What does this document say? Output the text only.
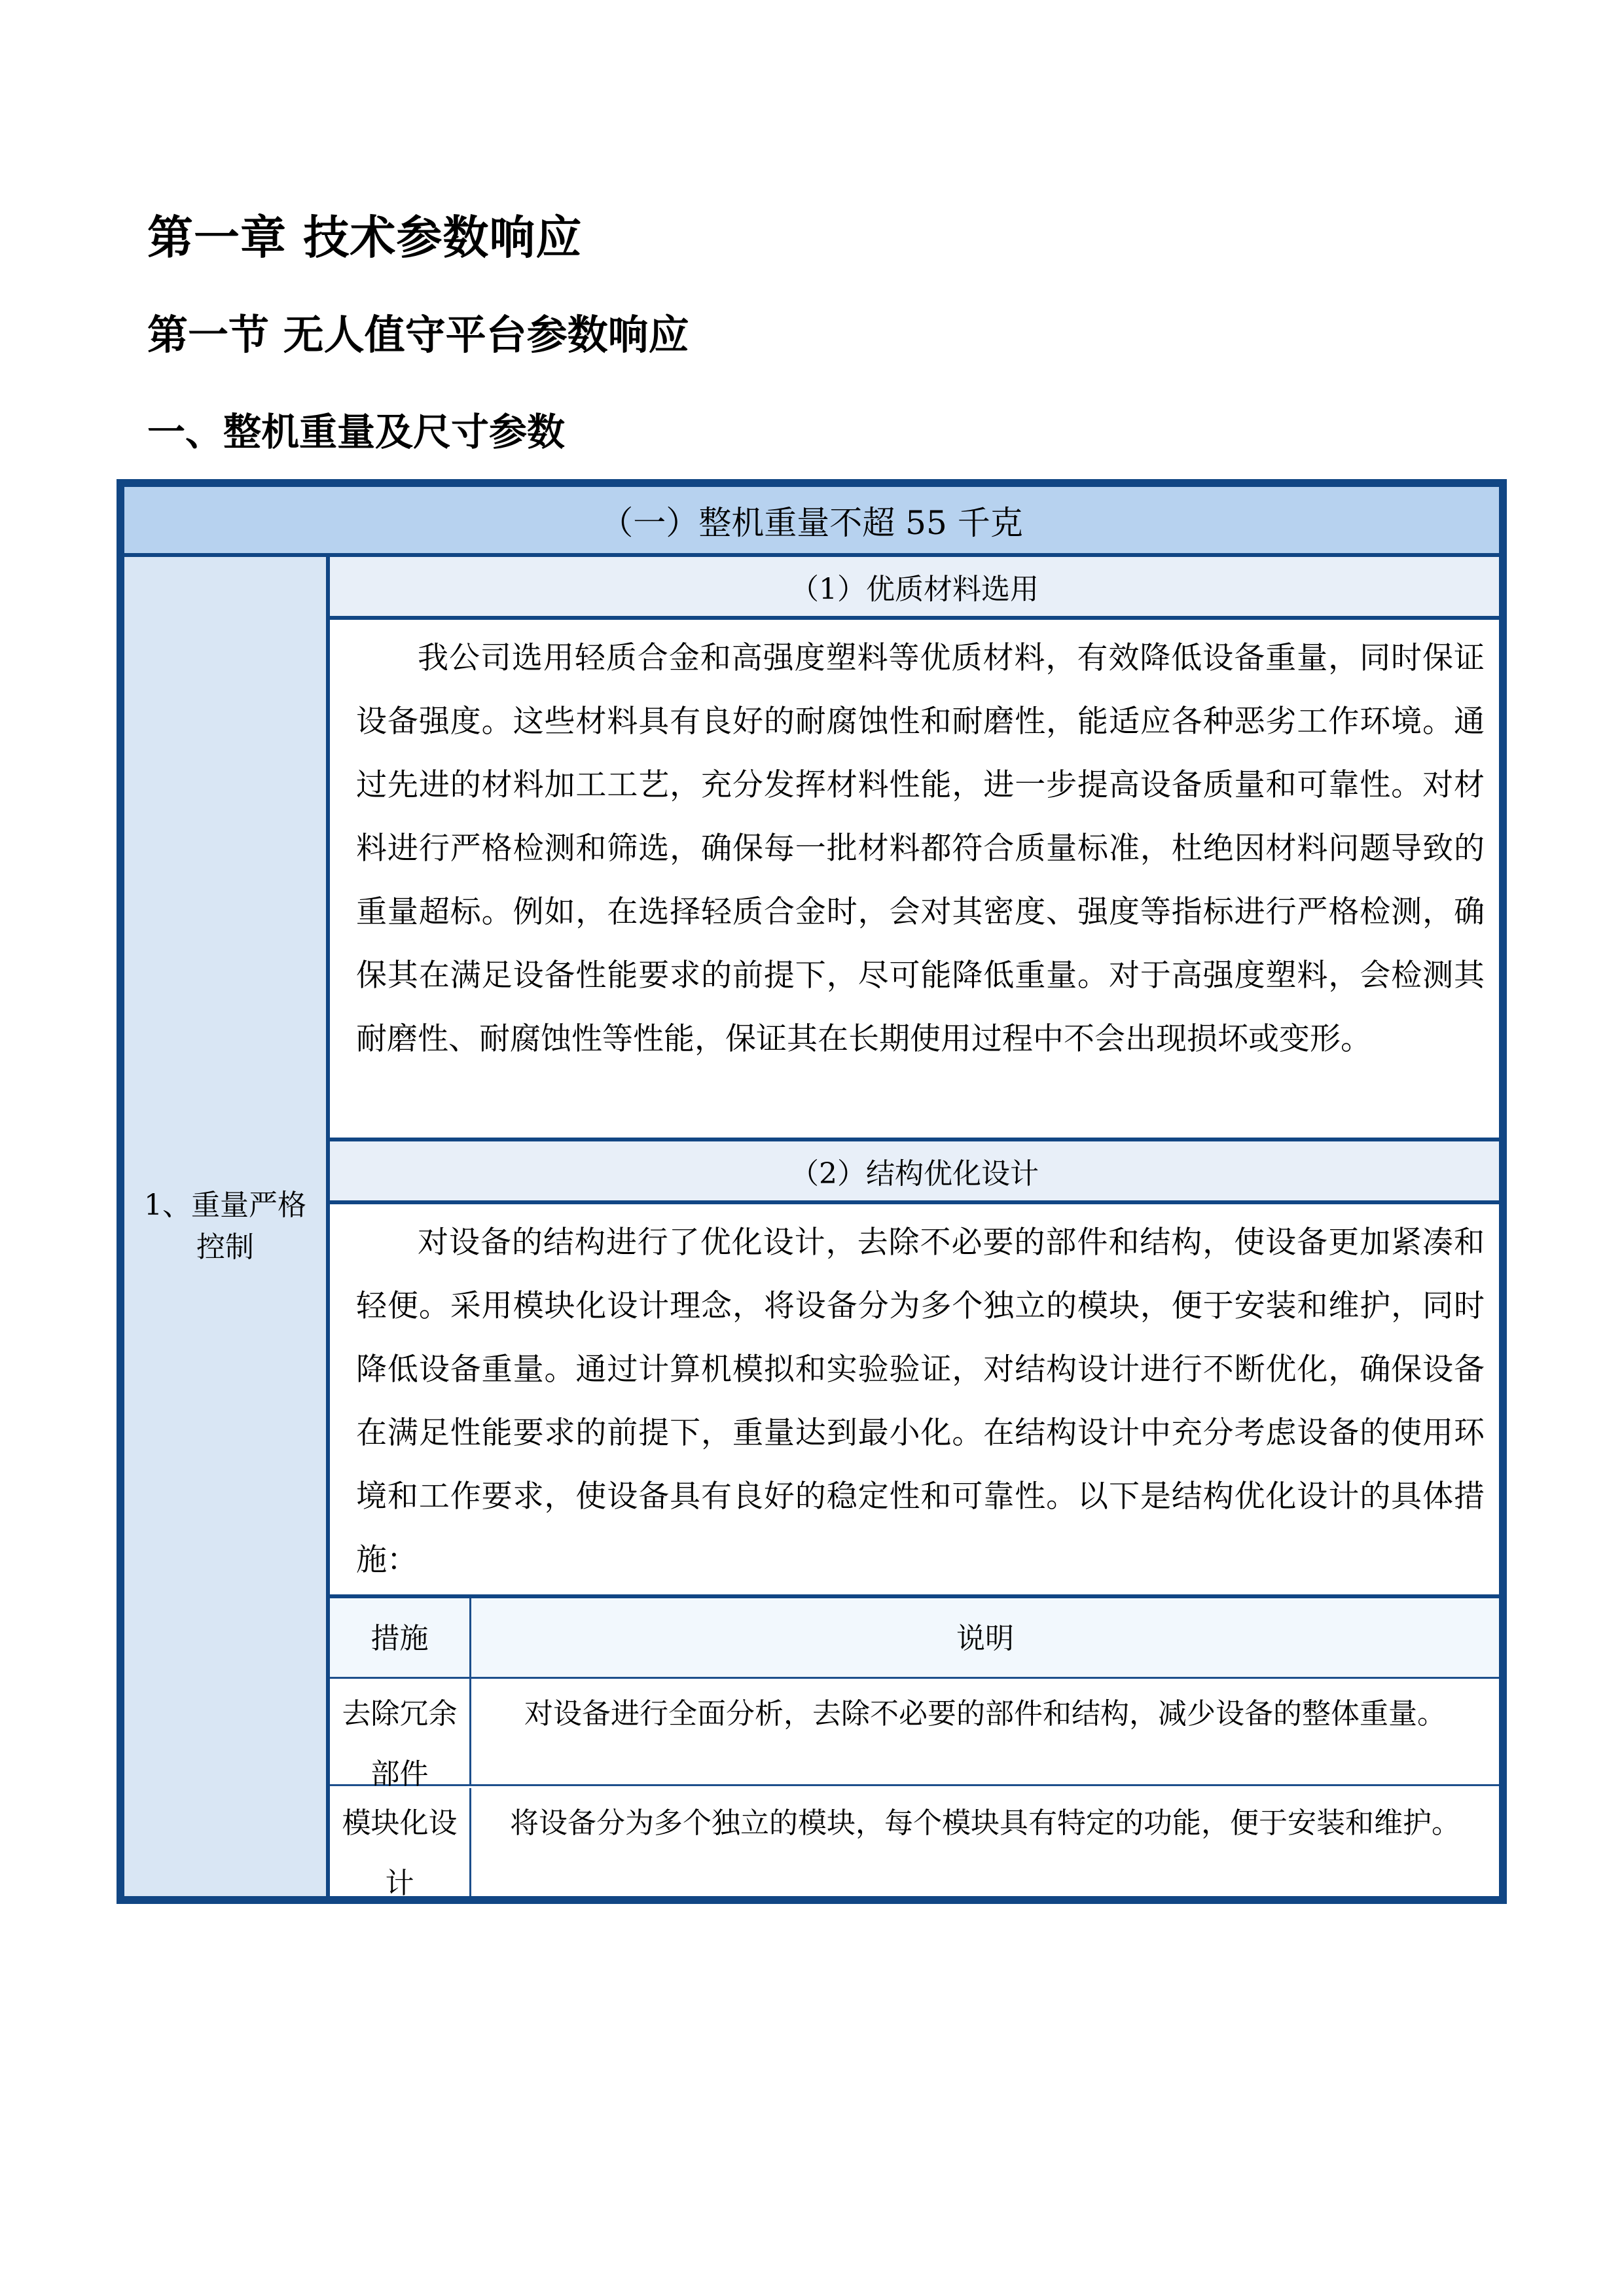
第一章 技术参数响应
第一节 无人值守平台参数响应
一、整机重量及尺寸参数
（一）整机重量不超 55 千克
1、重量严格控制
（1）优质材料选用

我公司选用轻质合金和高强度塑料等优质材料，有效降低设备重量，同时保证设备强度。这些材料具有良好的耐腐蚀性和耐磨性，能适应各种恶劣工作环境。通过先进的材料加工工艺，充分发挥材料性能，进一步提高设备质量和可靠性。对材料进行严格检测和筛选，确保每一批材料都符合质量标准，杜绝因材料问题导致的重量超标。例如，在选择轻质合金时，会对其密度、强度等指标进行严格检测，确保其在满足设备性能要求的前提下，尽可能降低重量。对于高强度塑料，会检测其耐磨性、耐腐蚀性等性能，保证其在长期使用过程中不会出现损坏或变形。

（2）结构优化设计

对设备的结构进行了优化设计，去除不必要的部件和结构，使设备更加紧凑和轻便。采用模块化设计理念，将设备分为多个独立的模块，便于安装和维护，同时降低设备重量。通过计算机模拟和实验验证，对结构设计进行不断优化，确保设备在满足性能要求的前提下，重量达到最小化。在结构设计中充分考虑设备的使用环境和工作要求，使设备具有良好的稳定性和可靠性。以下是结构优化设计的具体措施：

措施	说明
去除冗余部件
对设备进行全面分析，去除不必要的部件和结构，减少设备的整体重量。
模块化设计
将设备分为多个独立的模块，每个模块具有特定的功能，便于安装和维护。
